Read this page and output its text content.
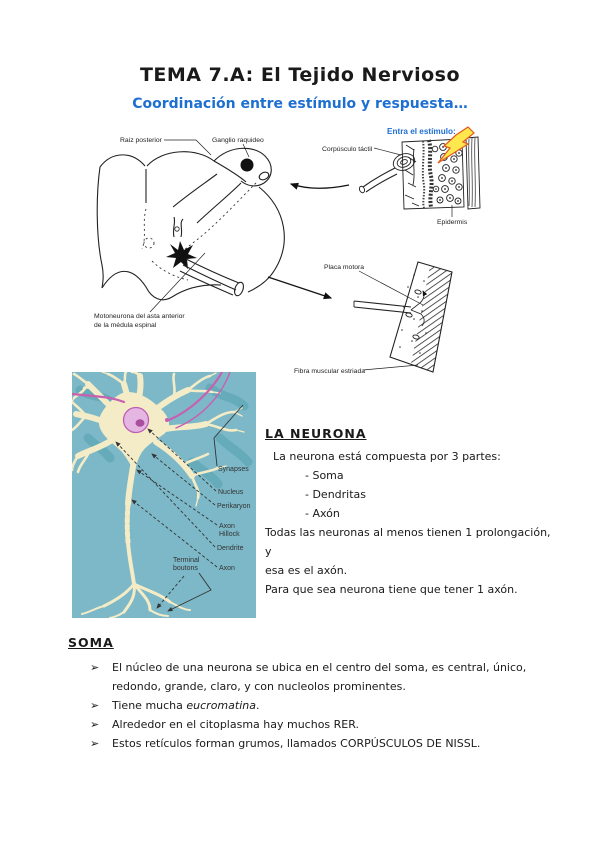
TEMA 7.A: El Tejido Nervioso
Coordinación entre estímulo y respuesta…
Raiz posterior	Ganglio raquideo
Corpúsculo táctil
Entra el estímulo:
Epidermis
Placa motora
Motoneurona del asta anterior
de la médula espinal
Fibra muscular estriada
Synapses
Nucleus
Perikaryon
Axon
Hillock
Dendrite
Axon
Terminal
boutons
LA NEURONA
La neurona está compuesta por 3 partes:
- Soma
- Dendritas
- Axón
Todas las neuronas al menos tienen 1 prolongación, y
esa es el axón.
Para que sea neurona tiene que tener 1 axón.
SOMA
➢	El núcleo de una neurona se ubica en el centro del soma, es central, único, redondo, grande, claro, y con nucleolos prominentes.
➢	Tiene mucha eucromatina.
➢	Alrededor en el citoplasma hay muchos RER.
➢	Estos retículos forman grumos, llamados CORPÚSCULOS DE NISSL.
